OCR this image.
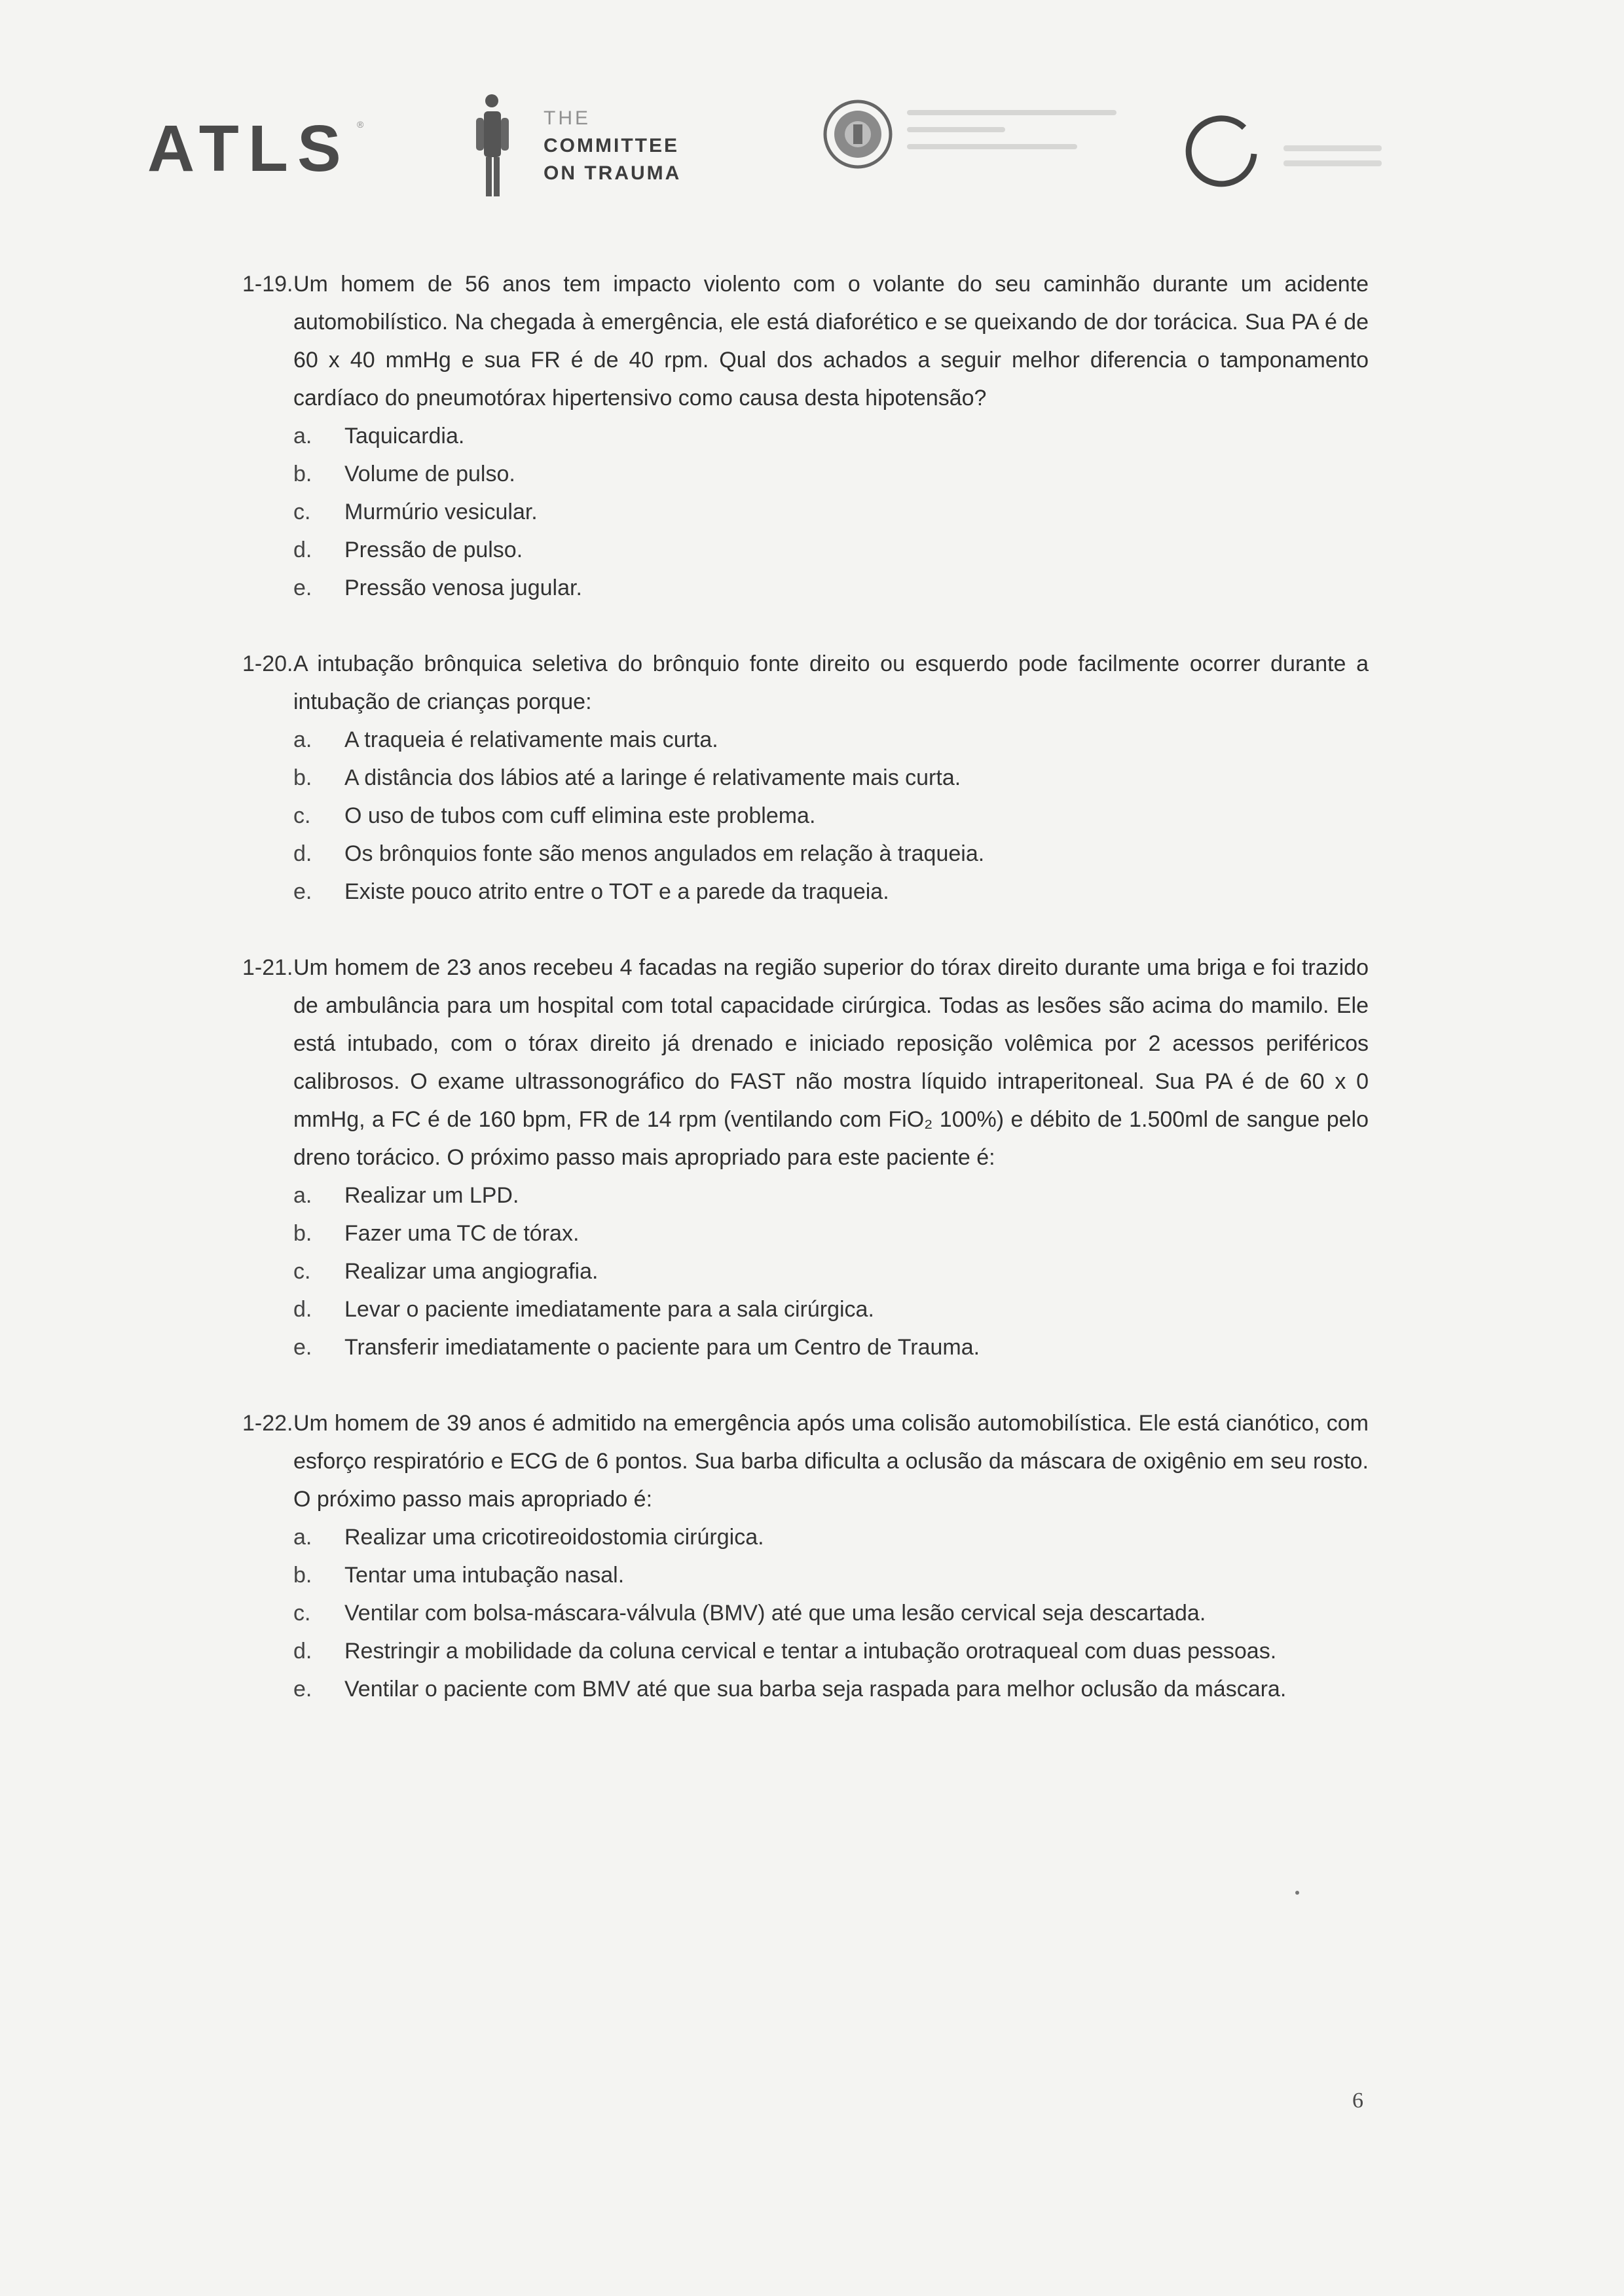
ATLS ®	THE
COMMITTEE
ON TRAUMA
1-19. Um homem de 56 anos tem impacto violento com o volante do seu caminhão durante um acidente automobilístico. Na chegada à emergência, ele está diaforético e se queixando de dor torácica. Sua PA é de 60 x 40 mmHg e sua FR é de 40 rpm. Qual dos achados a seguir melhor diferencia o tamponamento cardíaco do pneumotórax hipertensivo como causa desta hipotensão?
a. Taquicardia.
b. Volume de pulso.
c. Murmúrio vesicular.
d. Pressão de pulso.
e. Pressão venosa jugular.
1-20. A intubação brônquica seletiva do brônquio fonte direito ou esquerdo pode facilmente ocorrer durante a intubação de crianças porque:
a. A traqueia é relativamente mais curta.
b. A distância dos lábios até a laringe é relativamente mais curta.
c. O uso de tubos com cuff elimina este problema.
d. Os brônquios fonte são menos angulados em relação à traqueia.
e. Existe pouco atrito entre o TOT e a parede da traqueia.
1-21. Um homem de 23 anos recebeu 4 facadas na região superior do tórax direito durante uma briga e foi trazido de ambulância para um hospital com total capacidade cirúrgica. Todas as lesões são acima do mamilo. Ele está intubado, com o tórax direito já drenado e iniciado reposição volêmica por 2 acessos periféricos calibrosos. O exame ultrassonográfico do FAST não mostra líquido intraperitoneal. Sua PA é de 60 x 0 mmHg, a FC é de 160 bpm, FR de 14 rpm (ventilando com FiO₂ 100%) e débito de 1.500ml de sangue pelo dreno torácico. O próximo passo mais apropriado para este paciente é:
a. Realizar um LPD.
b. Fazer uma TC de tórax.
c. Realizar uma angiografia.
d. Levar o paciente imediatamente para a sala cirúrgica.
e. Transferir imediatamente o paciente para um Centro de Trauma.
1-22. Um homem de 39 anos é admitido na emergência após uma colisão automobilística. Ele está cianótico, com esforço respiratório e ECG de 6 pontos. Sua barba dificulta a oclusão da máscara de oxigênio em seu rosto. O próximo passo mais apropriado é:
a. Realizar uma cricotireoidostomia cirúrgica.
b. Tentar uma intubação nasal.
c. Ventilar com bolsa-máscara-válvula (BMV) até que uma lesão cervical seja descartada.
d. Restringir a mobilidade da coluna cervical e tentar a intubação orotraqueal com duas pessoas.
e. Ventilar o paciente com BMV até que sua barba seja raspada para melhor oclusão da máscara.
6
